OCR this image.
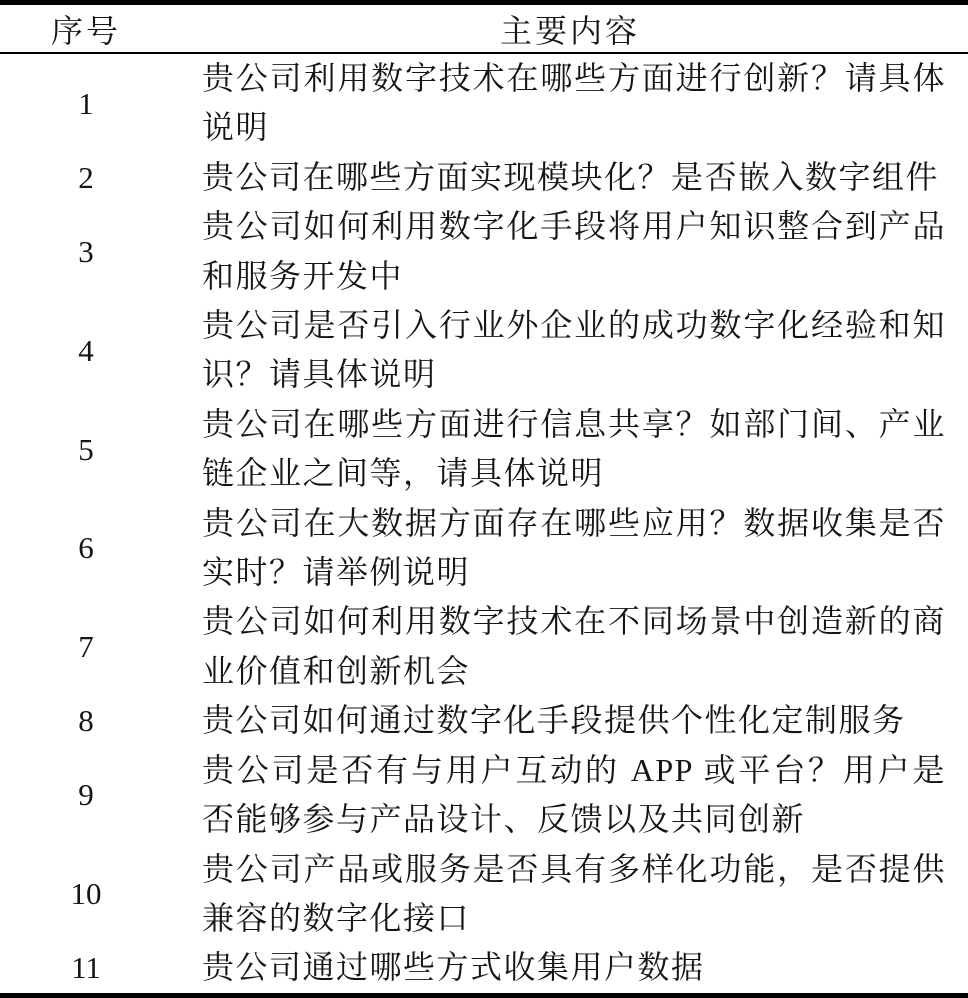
序号	主要内容
1	贵公司利用数字技术在哪些方面进行创新？请具体说明
2	贵公司在哪些方面实现模块化？是否嵌入数字组件
3	贵公司如何利用数字化手段将用户知识整合到产品和服务开发中
4	贵公司是否引入行业外企业的成功数字化经验和知识？请具体说明
5	贵公司在哪些方面进行信息共享？如部门间、产业链企业之间等，请具体说明
6	贵公司在大数据方面存在哪些应用？数据收集是否实时？请举例说明
7	贵公司如何利用数字技术在不同场景中创造新的商业价值和创新机会
8	贵公司如何通过数字化手段提供个性化定制服务
9	贵公司是否有与用户互动的 APP 或平台？用户是否能够参与产品设计、反馈以及共同创新
10	贵公司产品或服务是否具有多样化功能，是否提供兼容的数字化接口
11	贵公司通过哪些方式收集用户数据
